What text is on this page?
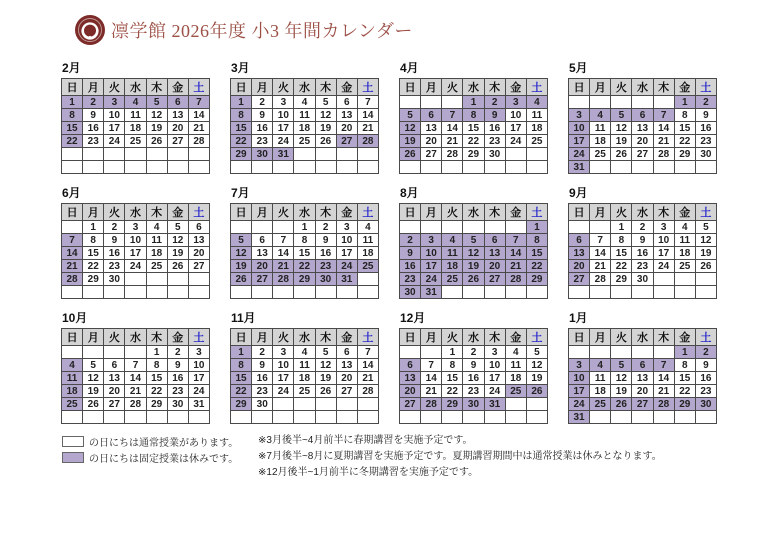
凛学館 2026年度 小3 年間カレンダー
2月
日	月	火	水	木	金	土
1	2	3	4	5	6	7
8	9	10	11	12	13	14
15	16	17	18	19	20	21
22	23	24	25	26	27	28

3月
日	月	火	水	木	金	土
1	2	3	4	5	6	7
8	9	10	11	12	13	14
15	16	17	18	19	20	21
22	23	24	25	26	27	28
29	30	31				

4月
日	月	火	水	木	金	土
			1	2	3	4
5	6	7	8	9	10	11
12	13	14	15	16	17	18
19	20	21	22	23	24	25
26	27	28	29	30		

5月
日	月	火	水	木	金	土
					1	2
3	4	5	6	7	8	9
10	11	12	13	14	15	16
17	18	19	20	21	22	23
24	25	26	27	28	29	30
31						
6月
日	月	火	水	木	金	土
	1	2	3	4	5	6
7	8	9	10	11	12	13
14	15	16	17	18	19	20
21	22	23	24	25	26	27
28	29	30				

7月
日	月	火	水	木	金	土
			1	2	3	4
5	6	7	8	9	10	11
12	13	14	15	16	17	18
19	20	21	22	23	24	25
26	27	28	29	30	31	

8月
日	月	火	水	木	金	土
						1
2	3	4	5	6	7	8
9	10	11	12	13	14	15
16	17	18	19	20	21	22
23	24	25	26	27	28	29
30	31					
9月
日	月	火	水	木	金	土
		1	2	3	4	5
6	7	8	9	10	11	12
13	14	15	16	17	18	19
20	21	22	23	24	25	26
27	28	29	30			

10月
日	月	火	水	木	金	土
				1	2	3
4	5	6	7	8	9	10
11	12	13	14	15	16	17
18	19	20	21	22	23	24
25	26	27	28	29	30	31

11月
日	月	火	水	木	金	土
1	2	3	4	5	6	7
8	9	10	11	12	13	14
15	16	17	18	19	20	21
22	23	24	25	26	27	28
29	30					

12月
日	月	火	水	木	金	土
		1	2	3	4	5
6	7	8	9	10	11	12
13	14	15	16	17	18	19
20	21	22	23	24	25	26
27	28	29	30	31		

1月
日	月	火	水	木	金	土
					1	2
3	4	5	6	7	8	9
10	11	12	13	14	15	16
17	18	19	20	21	22	23
24	25	26	27	28	29	30
31						
の日にちは通常授業があります。
の日にちは固定授業は休みです。
※3月後半~4月前半に春期講習を実施予定です。
※7月後半~8月に夏期講習を実施予定です。夏期講習期間中は通常授業は休みとなります。
※12月後半~1月前半に冬期講習を実施予定です。
